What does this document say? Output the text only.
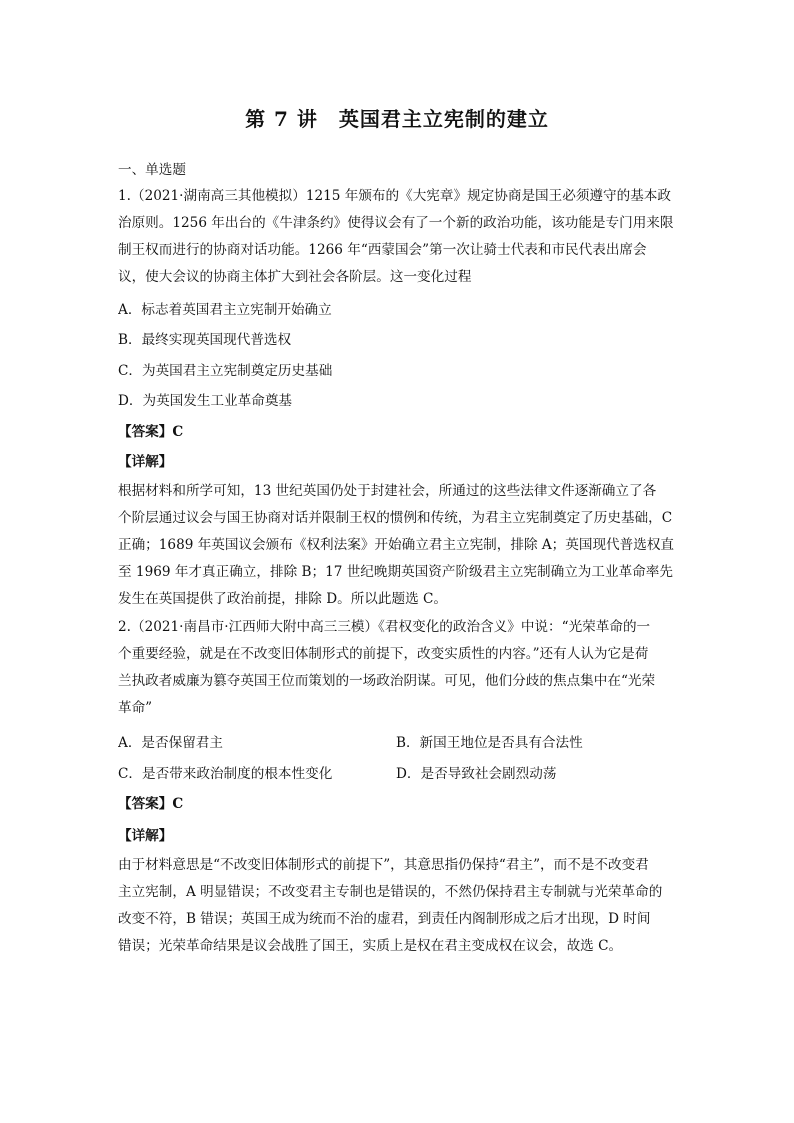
第 7 讲　英国君主立宪制的建立
一、单选题
1.（2021·湖南高三其他模拟）1215 年颁布的《大宪章》规定协商是国王必须遵守的基本政
治原则。1256 年出台的《牛津条约》使得议会有了一个新的政治功能，该功能是专门用来限
制王权而进行的协商对话功能。1266 年“西蒙国会”第一次让骑士代表和市民代表出席会
议，使大会议的协商主体扩大到社会各阶层。这一变化过程
A．标志着英国君主立宪制开始确立
B．最终实现英国现代普选权
C．为英国君主立宪制奠定历史基础
D．为英国发生工业革命奠基
【答案】C
【详解】
根据材料和所学可知，13 世纪英国仍处于封建社会，所通过的这些法律文件逐渐确立了各
个阶层通过议会与国王协商对话并限制王权的惯例和传统，为君主立宪制奠定了历史基础，C
正确；1689 年英国议会颁布《权利法案》开始确立君主立宪制，排除 A；英国现代普选权直
至 1969 年才真正确立，排除 B；17 世纪晚期英国资产阶级君主立宪制确立为工业革命率先
发生在英国提供了政治前提，排除 D。所以此题选 C。
2.（2021·南昌市·江西师大附中高三三模）《君权变化的政治含义》中说：“光荣革命的一
个重要经验，就是在不改变旧体制形式的前提下，改变实质性的内容。”还有人认为它是荷
兰执政者威廉为篡夺英国王位而策划的一场政治阴谋。可见，他们分歧的焦点集中在“光荣
革命”
A．是否保留君主	B．新国王地位是否具有合法性
C．是否带来政治制度的根本性变化	D．是否导致社会剧烈动荡
【答案】C
【详解】
由于材料意思是“不改变旧体制形式的前提下”，其意思指仍保持“君主”，而不是不改变君
主立宪制，A 明显错误；不改变君主专制也是错误的，不然仍保持君主专制就与光荣革命的
改变不符，B 错误；英国王成为统而不治的虚君，到责任内阁制形成之后才出现，D 时间
错误；光荣革命结果是议会战胜了国王，实质上是权在君主变成权在议会，故选 C。
